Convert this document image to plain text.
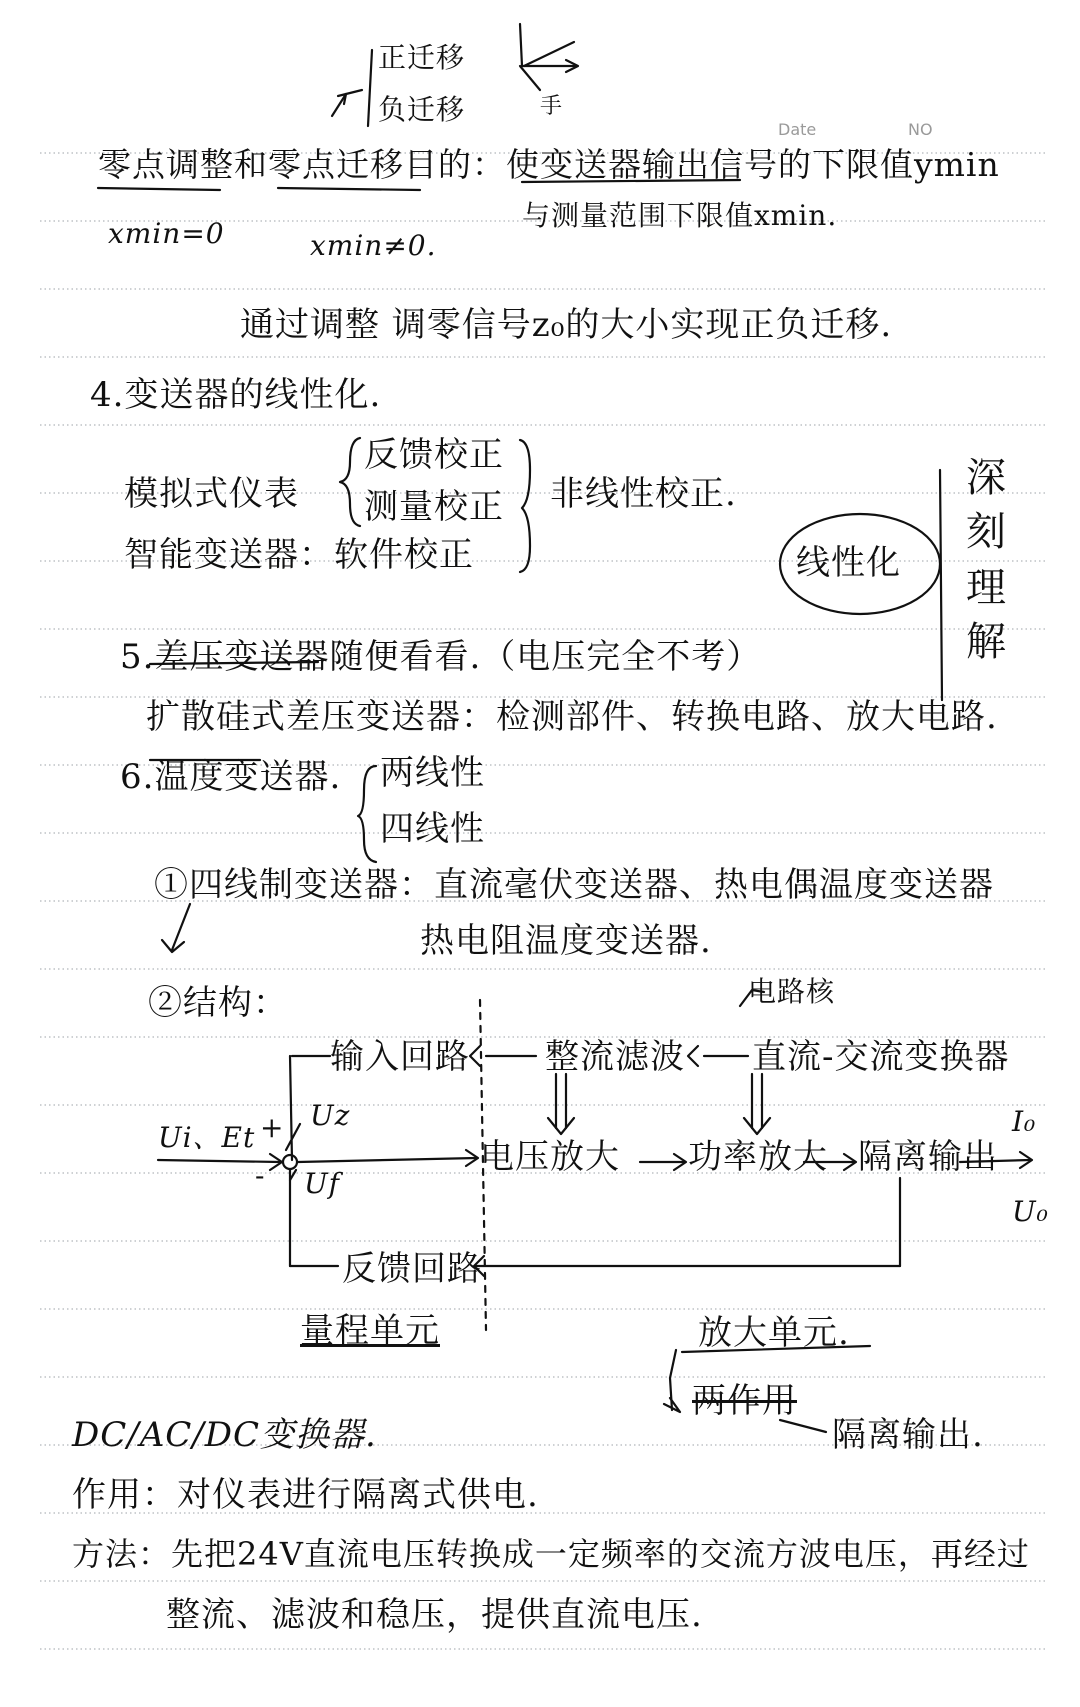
Date	NO
正迁移
负迁移	手
零点调整和零点迁移目的：使变送器输出信号的下限值ymin
xmin=0	xmin≠0.
与测量范围下限值xmin.
通过调整 调零信号z₀的大小实现正负迁移.
4.变送器的线性化.
反馈校正
模拟式仪表 测量校正 非线性校正.
智能变送器：软件校正	线性化
深
刻
理
解
5.差压变送器随便看看.（电压完全不考）
扩散硅式差压变送器：检测部件、转换电路、放大电路.
6.温度变送器. 两线性
四线性
①四线制变送器：直流毫伏变送器、热电偶温度变送器
热电阻温度变送器.
②结构：	电路核
输入回路 整流滤波 直流-交流变换器
Uz
Ui、Et +
-	电压放大 功率放大 隔离输出
I₀
Uf
U₀
反馈回路
量程单元	放大单元.
两作用
隔离输出.
DC/AC/DC变换器.
作用：对仪表进行隔离式供电.
方法：先把24V直流电压转换成一定频率的交流方波电压，再经过
整流、滤波和稳压，提供直流电压.
